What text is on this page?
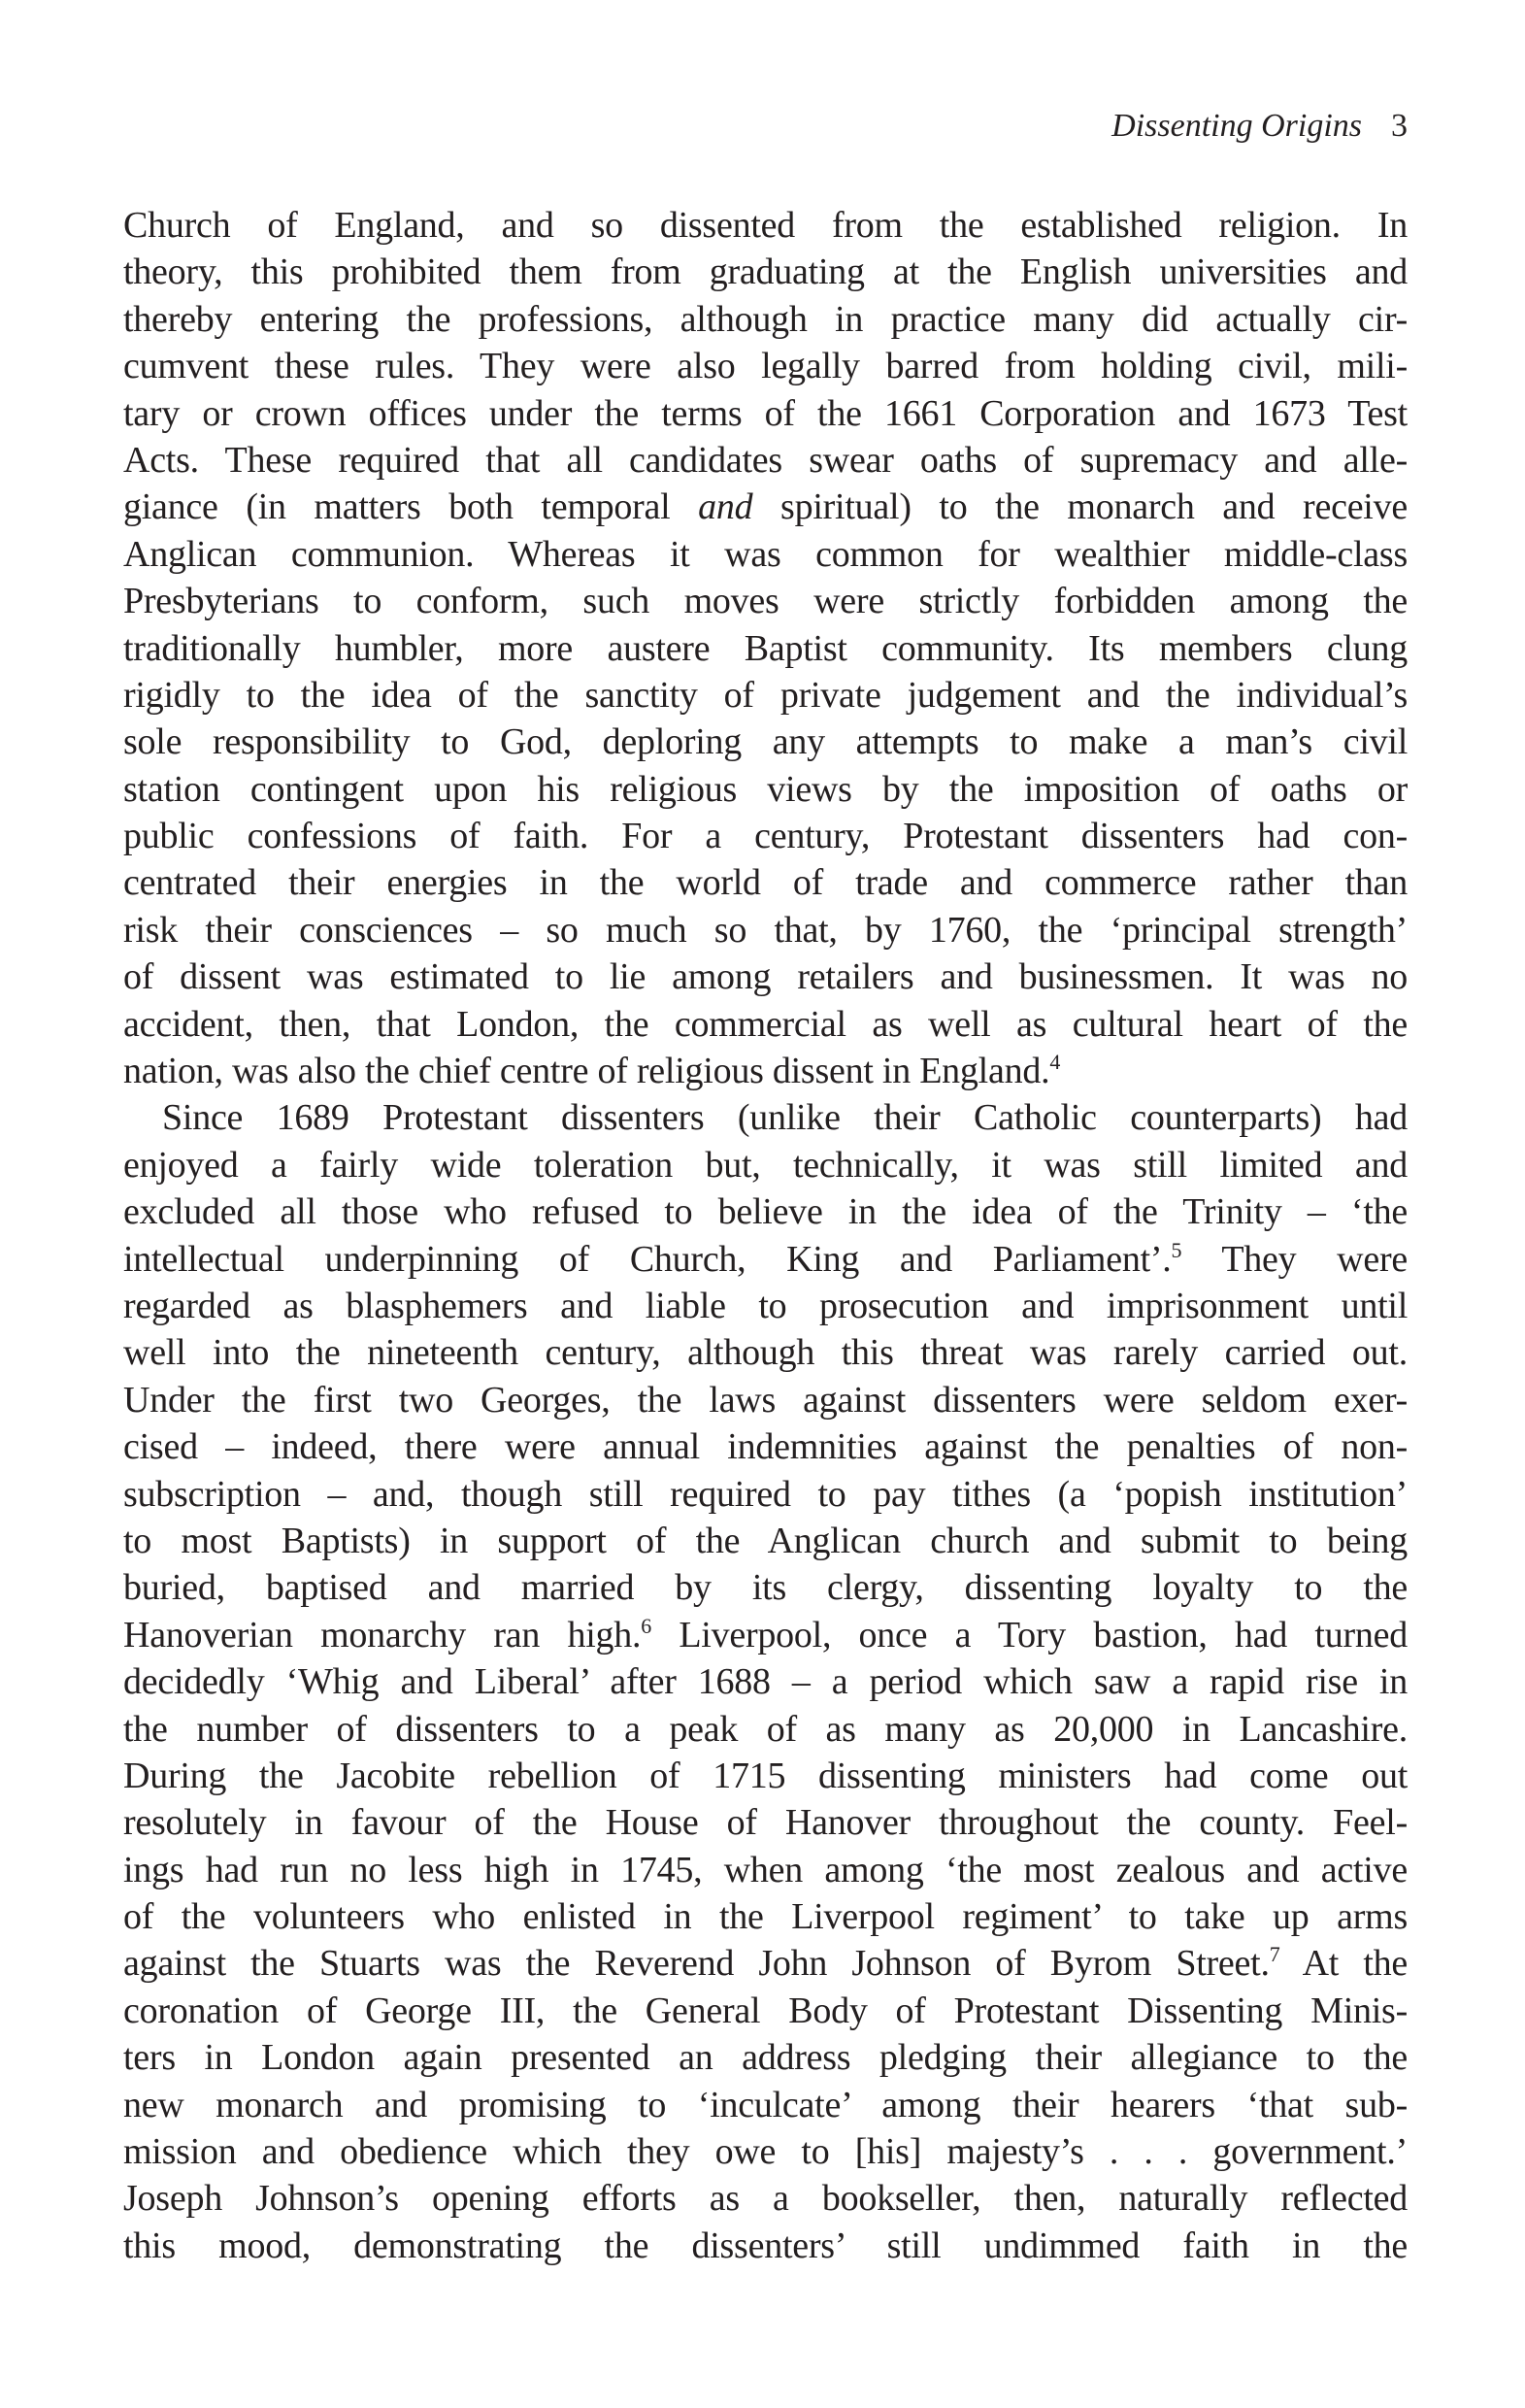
Dissenting Origins 3
Church of England, and so dissented from the established religion. In
theory, this prohibited them from graduating at the English universities and
thereby entering the professions, although in practice many did actually cir-
cumvent these rules. They were also legally barred from holding civil, mili-
tary or crown offices under the terms of the 1661 Corporation and 1673 Test
Acts. These required that all candidates swear oaths of supremacy and alle-
giance (in matters both temporal and spiritual) to the monarch and receive
Anglican communion. Whereas it was common for wealthier middle-class
Presbyterians to conform, such moves were strictly forbidden among the
traditionally humbler, more austere Baptist community. Its members clung
rigidly to the idea of the sanctity of private judgement and the individual’s
sole responsibility to God, deploring any attempts to make a man’s civil
station contingent upon his religious views by the imposition of oaths or
public confessions of faith. For a century, Protestant dissenters had con-
centrated their energies in the world of trade and commerce rather than
risk their consciences – so much so that, by 1760, the ‘principal strength’
of dissent was estimated to lie among retailers and businessmen. It was no
accident, then, that London, the commercial as well as cultural heart of the
nation, was also the chief centre of religious dissent in England.$^4$
Since 1689 Protestant dissenters (unlike their Catholic counterparts) had
enjoyed a fairly wide toleration but, technically, it was still limited and
excluded all those who refused to believe in the idea of the Trinity – ‘the
intellectual underpinning of Church, King and Parliament’.$^5$ They were
regarded as blasphemers and liable to prosecution and imprisonment until
well into the nineteenth century, although this threat was rarely carried out.
Under the first two Georges, the laws against dissenters were seldom exer-
cised – indeed, there were annual indemnities against the penalties of non-
subscription – and, though still required to pay tithes (a ‘popish institution’
to most Baptists) in support of the Anglican church and submit to being
buried, baptised and married by its clergy, dissenting loyalty to the
Hanoverian monarchy ran high.$^6$ Liverpool, once a Tory bastion, had turned
decidedly ‘Whig and Liberal’ after 1688 – a period which saw a rapid rise in
the number of dissenters to a peak of as many as 20,000 in Lancashire.
During the Jacobite rebellion of 1715 dissenting ministers had come out
resolutely in favour of the House of Hanover throughout the county. Feel-
ings had run no less high in 1745, when among ‘the most zealous and active
of the volunteers who enlisted in the Liverpool regiment’ to take up arms
against the Stuarts was the Reverend John Johnson of Byrom Street.$^7$ At the
coronation of George III, the General Body of Protestant Dissenting Minis-
ters in London again presented an address pledging their allegiance to the
new monarch and promising to ‘inculcate’ among their hearers ‘that sub-
mission and obedience which they owe to [his] majesty’s . . . government.’
Joseph Johnson’s opening efforts as a bookseller, then, naturally reflected
this mood, demonstrating the dissenters’ still undimmed faith in the
